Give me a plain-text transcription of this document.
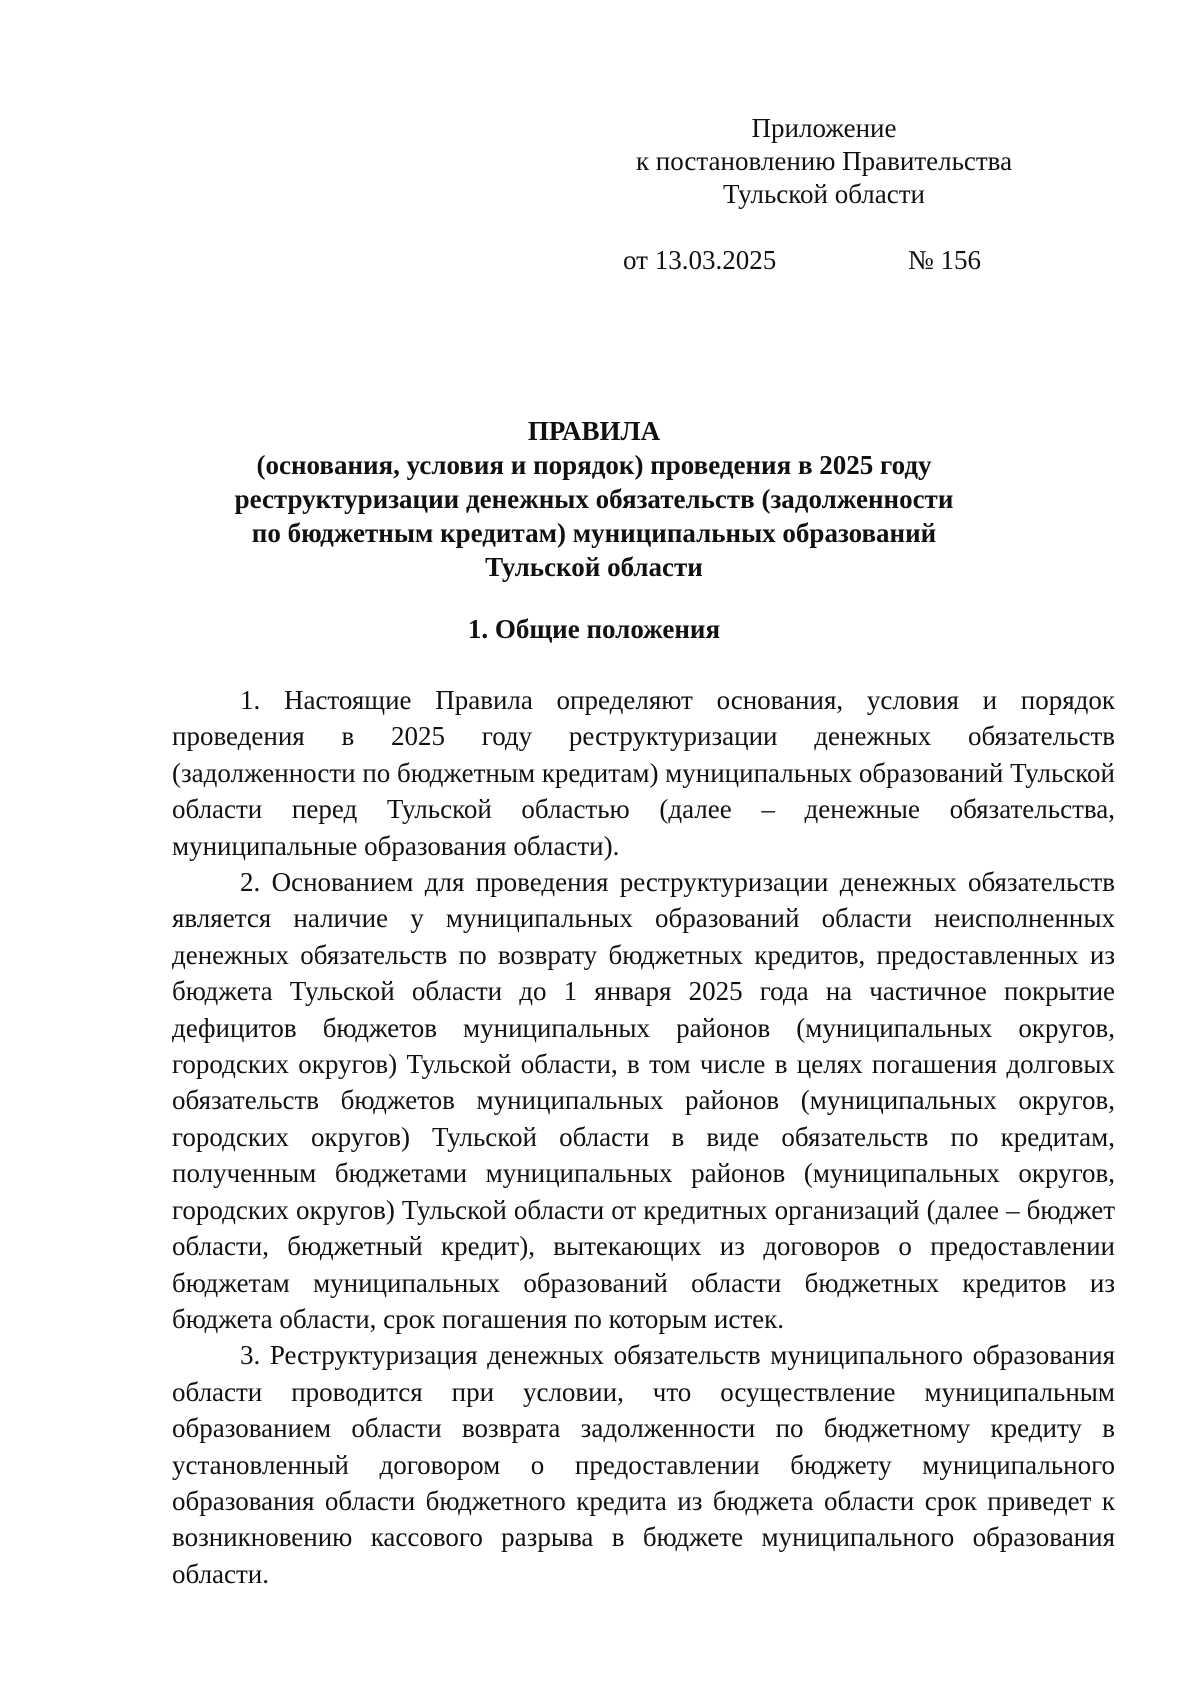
Приложение
к постановлению Правительства
Тульской области
от 13.03.2025	№ 156
ПРАВИЛА
(основания, условия и порядок) проведения в 2025 году
реструктуризации денежных обязательств (задолженности
по бюджетным кредитам) муниципальных образований
Тульской области
1. Общие положения

1. Настоящие Правила определяют основания, условия и порядок проведения в 2025 году реструктуризации денежных обязательств (задолженности по бюджетным кредитам) муниципальных образований Тульской области перед Тульской областью (далее – денежные обязательства, муниципальные образования области).

2. Основанием для проведения реструктуризации денежных обязательств является наличие у муниципальных образований области неисполненных денежных обязательств по возврату бюджетных кредитов, предоставленных из бюджета Тульской области до 1 января 2025 года на частичное покрытие дефицитов бюджетов муниципальных районов (муниципальных округов, городских округов) Тульской области, в том числе в целях погашения долговых обязательств бюджетов муниципальных районов (муниципальных округов, городских округов) Тульской области в виде обязательств по кредитам, полученным бюджетами муниципальных районов (муниципальных округов, городских округов) Тульской области от кредитных организаций (далее – бюджет области, бюджетный кредит), вытекающих из договоров о предоставлении бюджетам муниципальных образований области бюджетных кредитов из бюджета области, срок погашения по которым истек.

3. Реструктуризация денежных обязательств муниципального образования области проводится при условии, что осуществление муниципальным образованием области возврата задолженности по бюджетному кредиту в установленный договором о предоставлении бюджету муниципального образования области бюджетного кредита из бюджета области срок приведет к возникновению кассового разрыва в бюджете муниципального образования области.
